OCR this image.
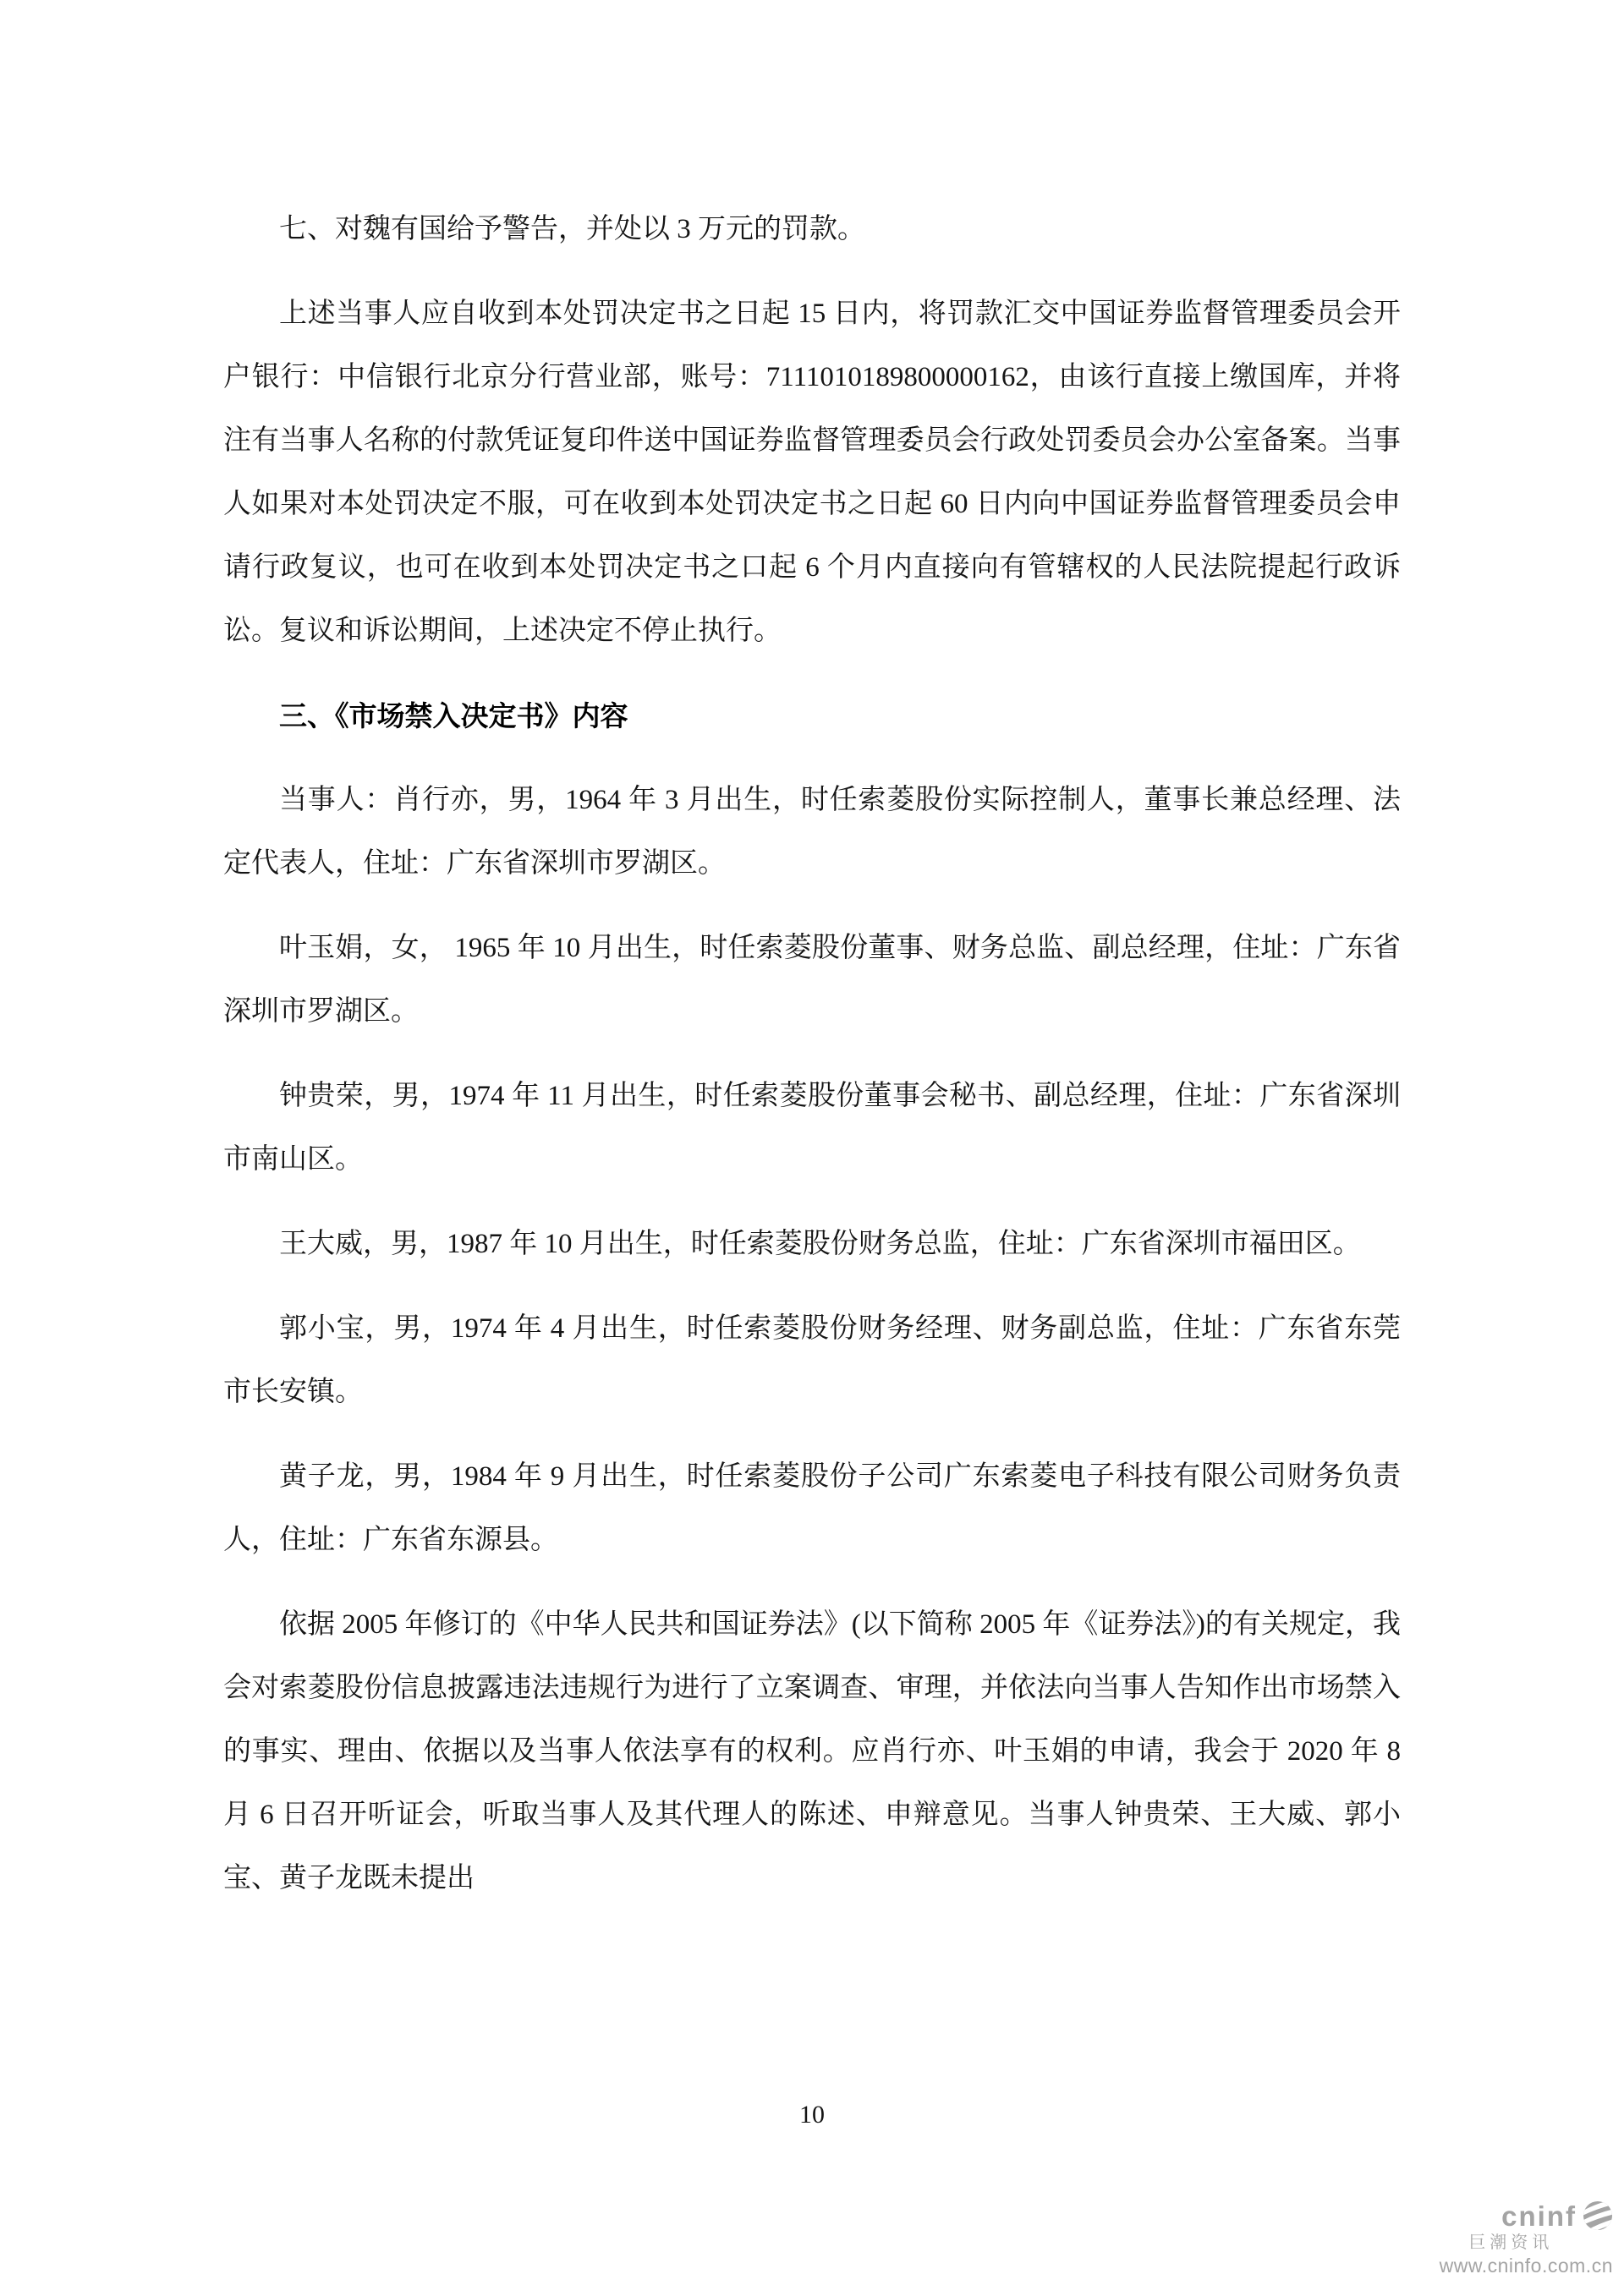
七、对魏有国给予警告，并处以 3 万元的罚款。

上述当事人应自收到本处罚决定书之日起 15 日内，将罚款汇交中国证券监督管理委员会开户银行：中信银行北京分行营业部，账号：7111010189800000162，由该行直接上缴国库，并将注有当事人名称的付款凭证复印件送中国证券监督管理委员会行政处罚委员会办公室备案。当事人如果对本处罚决定不服，可在收到本处罚决定书之日起 60 日内向中国证券监督管理委员会申请行政复议，也可在收到本处罚决定书之口起 6 个月内直接向有管辖权的人民法院提起行政诉讼。复议和诉讼期间，上述决定不停止执行。

三、《市场禁入决定书》内容

当事人：肖行亦，男，1964 年 3 月出生，时任索菱股份实际控制人，董事长兼总经理、法定代表人，住址：广东省深圳市罗湖区。

叶玉娟，女， 1965 年 10 月出生，时任索菱股份董事、财务总监、副总经理，住址：广东省深圳市罗湖区。

钟贵荣，男，1974 年 11 月出生，时任索菱股份董事会秘书、副总经理，住址：广东省深圳市南山区。

王大威，男，1987 年 10 月出生，时任索菱股份财务总监，住址：广东省深圳市福田区。

郭小宝，男，1974 年 4 月出生，时任索菱股份财务经理、财务副总监，住址：广东省东莞市长安镇。

黄子龙，男，1984 年 9 月出生，时任索菱股份子公司广东索菱电子科技有限公司财务负责人，住址：广东省东源县。

依据 2005 年修订的《中华人民共和国证券法》(以下简称 2005 年《证券法》)的有关规定，我会对索菱股份信息披露违法违规行为进行了立案调查、审理，并依法向当事人告知作出市场禁入的事实、理由、依据以及当事人依法享有的权利。应肖行亦、叶玉娟的申请，我会于 2020 年 8 月 6 日召开听证会，听取当事人及其代理人的陈述、申辩意见。当事人钟贵荣、王大威、郭小宝、黄子龙既未提出

10
cninf
巨潮资讯
www.cninfo.com.cn
